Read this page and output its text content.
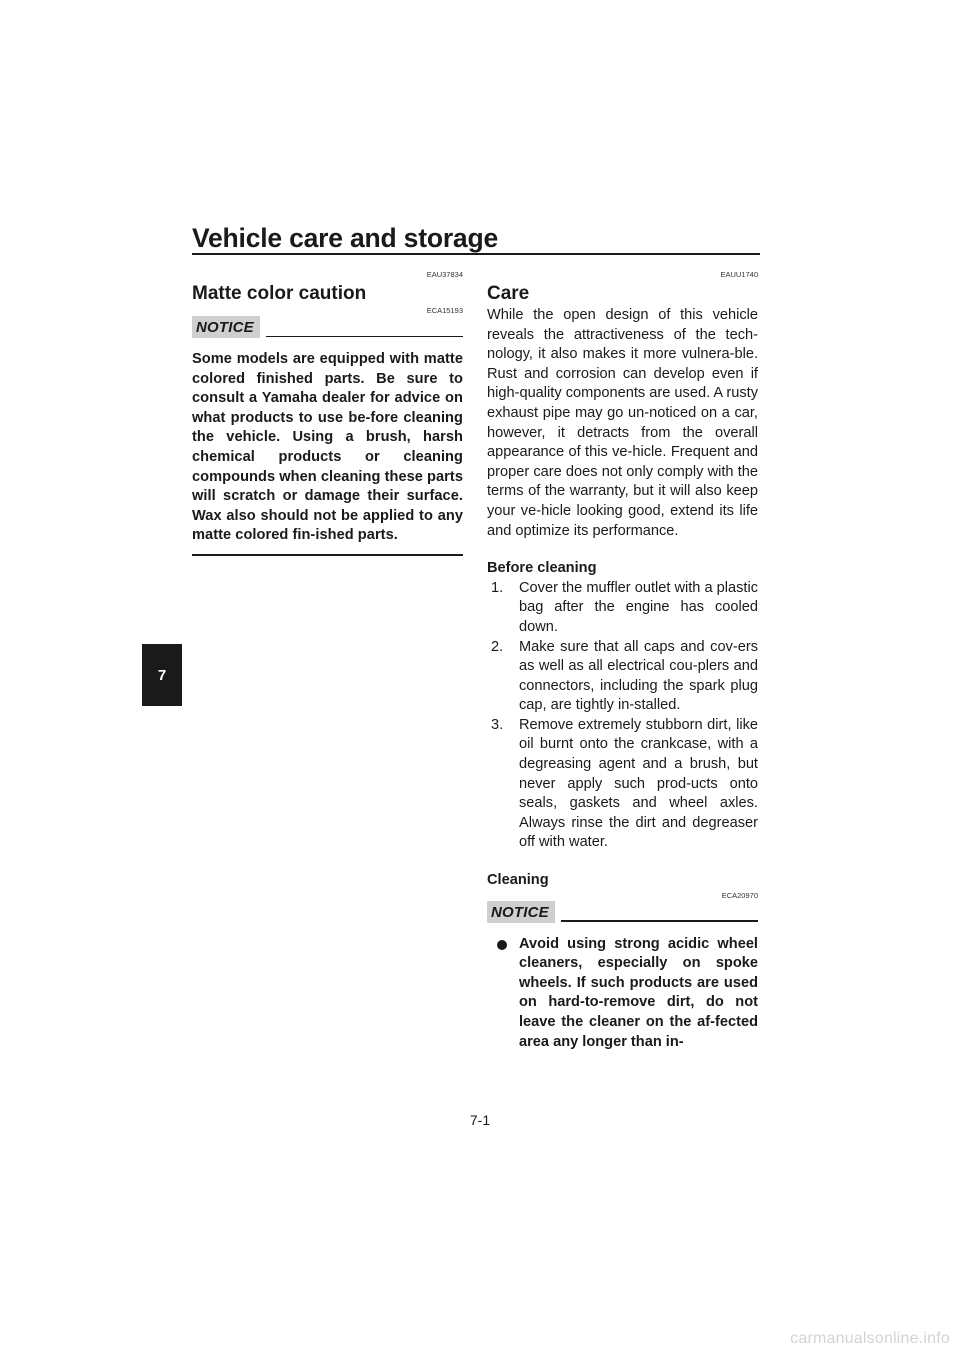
Vehicle care and storage
7
EAU37834
Matte color caution
ECA15193
NOTICE

Some models are equipped with matte colored finished parts. Be sure to consult a Yamaha dealer for advice on what products to use be-fore cleaning the vehicle. Using a brush, harsh chemical products or cleaning compounds when cleaning these parts will scratch or damage their surface. Wax also should not be applied to any matte colored fin-ished parts.

EAUU1740
Care

While the open design of this vehicle reveals the attractiveness of the tech-nology, it also makes it more vulnera-ble. Rust and corrosion can develop even if high-quality components are used. A rusty exhaust pipe may go un-noticed on a car, however, it detracts from the overall appearance of this ve-hicle. Frequent and proper care does not only comply with the terms of the warranty, but it will also keep your ve-hicle looking good, extend its life and optimize its performance.

Before cleaning
1. Cover the muffler outlet with a plastic bag after the engine has cooled down.
2. Make sure that all caps and cov-ers as well as all electrical cou-plers and connectors, including the spark plug cap, are tightly in-stalled.
3. Remove extremely stubborn dirt, like oil burnt onto the crankcase, with a degreasing agent and a brush, but never apply such prod-ucts onto seals, gaskets and wheel axles. Always rinse the dirt and degreaser off with water.
Cleaning
ECA20970
NOTICE
Avoid using strong acidic wheel cleaners, especially on spoke wheels. If such products are used on hard-to-remove dirt, do not leave the cleaner on the af-fected area any longer than in-
7-1
carmanualsonline.info
